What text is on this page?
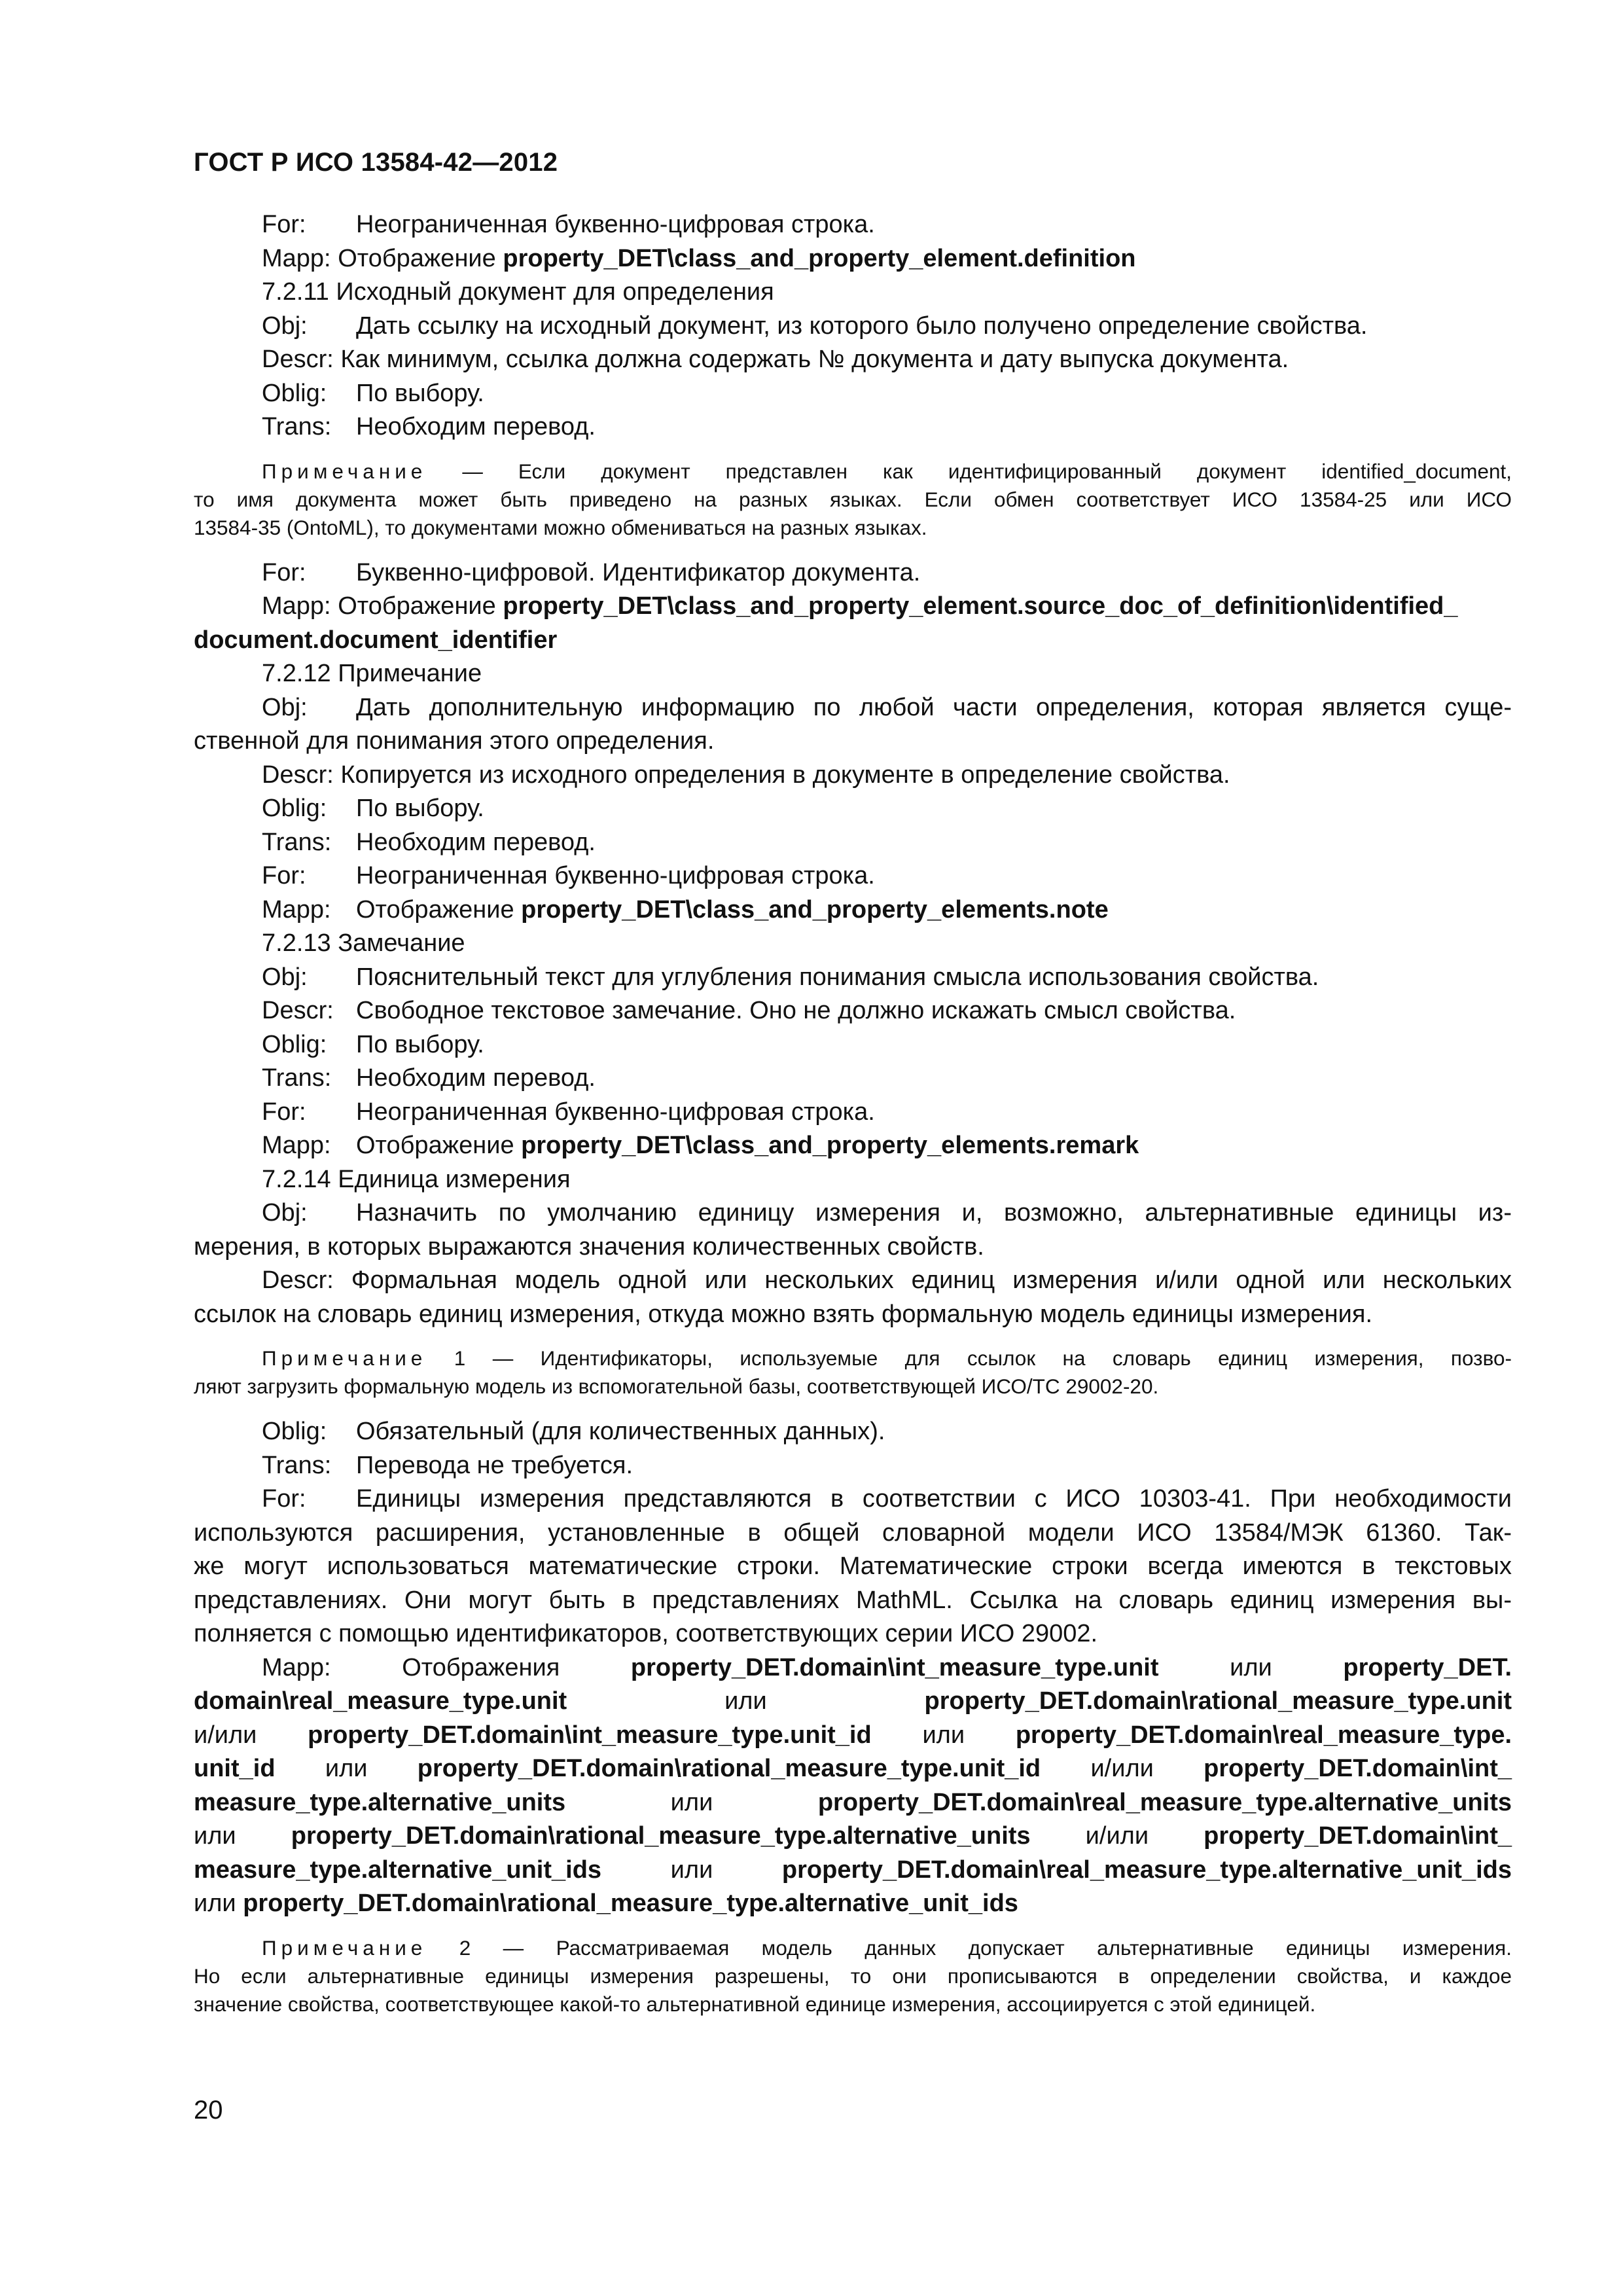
ГОСТ Р ИСО 13584-42—2012

For: Неограниченная буквенно-цифровая строка.

Mapp: Отображение property_DET\class_and_property_element.definition

7.2.11 Исходный документ для определения

Obj: Дать ссылку на исходный документ, из которого было получено определение свойства.

Descr: Как минимум, ссылка должна содержать № документа и дату выпуска документа.

Oblig: По выбору.

Trans: Необходим перевод.

Примечание — Если документ представлен как идентифицированный документ identified_document,

то имя документа может быть приведено на разных языках. Если обмен соответствует ИСО 13584-25 или ИСО

13584-35 (OntoML), то документами можно обмениваться на разных языках.

For: Буквенно-цифровой. Идентификатор документа.

Mapp: Отображение property_DET\class_and_property_element.source_doc_of_definition\identified_

document.document_identifier

7.2.12 Примечание

Obj: Дать дополнительную информацию по любой части определения, которая является суще-

ственной для понимания этого определения.

Descr: Копируется из исходного определения в документе в определение свойства.

Oblig: По выбору.

Trans: Необходим перевод.

For: Неограниченная буквенно-цифровая строка.

Mapp: Отображение property_DET\class_and_property_elements.note

7.2.13 Замечание

Obj: Пояснительный текст для углубления понимания смысла использования свойства.

Descr: Свободное текстовое замечание. Оно не должно искажать смысл свойства.

Oblig: По выбору.

Trans: Необходим перевод.

For: Неограниченная буквенно-цифровая строка.

Mapp: Отображение property_DET\class_and_property_elements.remark

7.2.14 Единица измерения

Obj: Назначить по умолчанию единицу измерения и, возможно, альтернативные единицы из-

мерения, в которых выражаются значения количественных свойств.

Descr: Формальная модель одной или нескольких единиц измерения и/или одной или нескольких

ссылок на словарь единиц измерения, откуда можно взять формальную модель единицы измерения.

Примечание 1 — Идентификаторы, используемые для ссылок на словарь единиц измерения, позво-

ляют загрузить формальную модель из вспомогательной базы, соответствующей ИСО/ТС 29002-20.

Oblig: Обязательный (для количественных данных).

Trans: Перевода не требуется.

For: Единицы измерения представляются в соответствии с ИСО 10303-41. При необходимости

используются расширения, установленные в общей словарной модели ИСО 13584/МЭК 61360. Так-

же могут использоваться математические строки. Математические строки всегда имеются в текстовых

представлениях. Они могут быть в представлениях MathML. Ссылка на словарь единиц измерения вы-

полняется с помощью идентификаторов, соответствующих серии ИСО 29002.

Mapp:	Отображения	property_DET.domain\int_measure_type.unit	или	property_DET.

domain\real_measure_type.unit	или	property_DET.domain\rational_measure_type.unit

и/или property_DET.domain\int_measure_type.unit_id или property_DET.domain\real_measure_type.

unit_id или property_DET.domain\rational_measure_type.unit_id и/или property_DET.domain\int_

measure_type.alternative_units	или	property_DET.domain\real_measure_type.alternative_units

или property_DET.domain\rational_measure_type.alternative_units и/или property_DET.domain\int_

measure_type.alternative_unit_ids	или	property_DET.domain\real_measure_type.alternative_unit_ids

или property_DET.domain\rational_measure_type.alternative_unit_ids

Примечание 2 — Рассматриваемая модель данных допускает альтернативные единицы измерения.

Но если альтернативные единицы измерения разрешены, то они прописываются в определении свойства, и каждое

значение свойства, соответствующее какой-то альтернативной единице измерения, ассоциируется с этой единицей.

20
